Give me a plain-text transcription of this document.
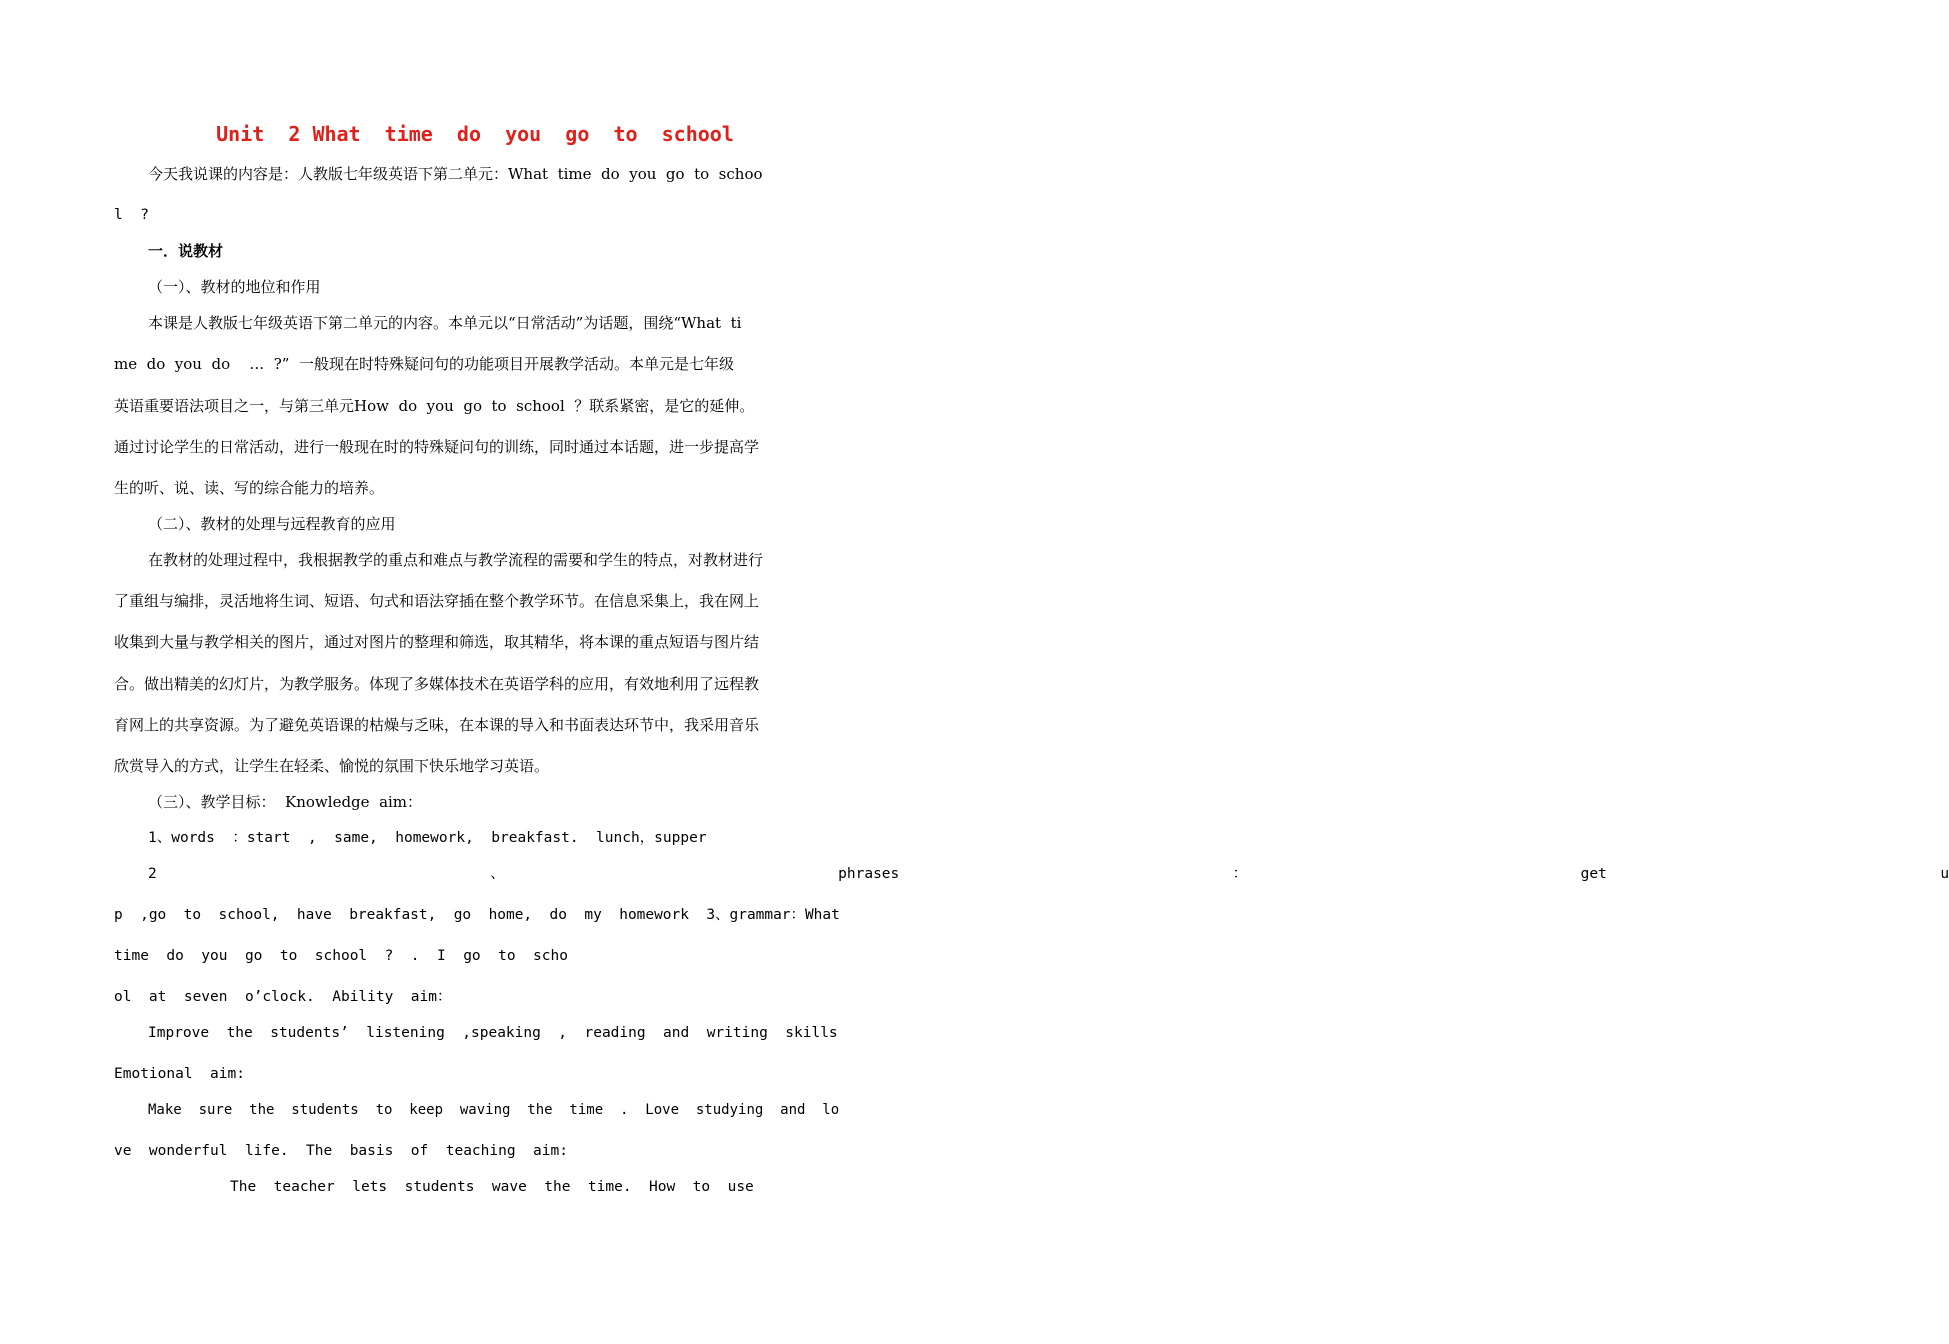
Unit  2 What  time  do  you  go  to  school
今天我说课的内容是：人教版七年级英语下第二单元：What  time  do  you  go  to  schoo
l  ?
一．说教材
（一）、教材的地位和作用
本课是人教版七年级英语下第二单元的内容。本单元以“日常活动”为话题，围绕“What  ti
me  do  you  do    …  ?”  一般现在时特殊疑问句的功能项目开展教学活动。本单元是七年级
英语重要语法项目之一，与第三单元How  do  you  go  to  school  ？联系紧密，是它的延伸。
通过讨论学生的日常活动，进行一般现在时的特殊疑问句的训练，同时通过本话题，进一步提高学
生的听、说、读、写的综合能力的培养。
（二）、教材的处理与远程教育的应用
在教材的处理过程中，我根据教学的重点和难点与教学流程的需要和学生的特点，对教材进行
了重组与编排，灵活地将生词、短语、句式和语法穿插在整个教学环节。在信息采集上，我在网上
收集到大量与教学相关的图片，通过对图片的整理和筛选，取其精华，将本课的重点短语与图片结
合。做出精美的幻灯片，为教学服务。体现了多媒体技术在英语学科的应用，有效地利用了远程教
育网上的共享资源。为了避免英语课的枯燥与乏味，在本课的导入和书面表达环节中，我采用音乐
欣赏导入的方式，让学生在轻柔、愉悦的氛围下快乐地学习英语。
（三）、教学目标：  Knowledge  aim：
1、words  ：start  ,  same,  homework,  breakfast.  lunch，supper
2  、  phrases  ：  get  u
p  ,go  to  school,  have  breakfast,  go  home,  do  my  homework  3、grammar：What
time  do  you  go  to  school  ?  .  I  go  to  scho
ol  at  seven  o’clock.  Ability  aim：
Improve  the  students’  listening  ,speaking  ,  reading  and  writing  skills
Emotional  aim:
Make  sure  the  students  to  keep  waving  the  time  .  Love  studying  and  lo
ve  wonderful  life.  The  basis  of  teaching  aim:
The  teacher  lets  students  wave  the  time.  How  to  use
